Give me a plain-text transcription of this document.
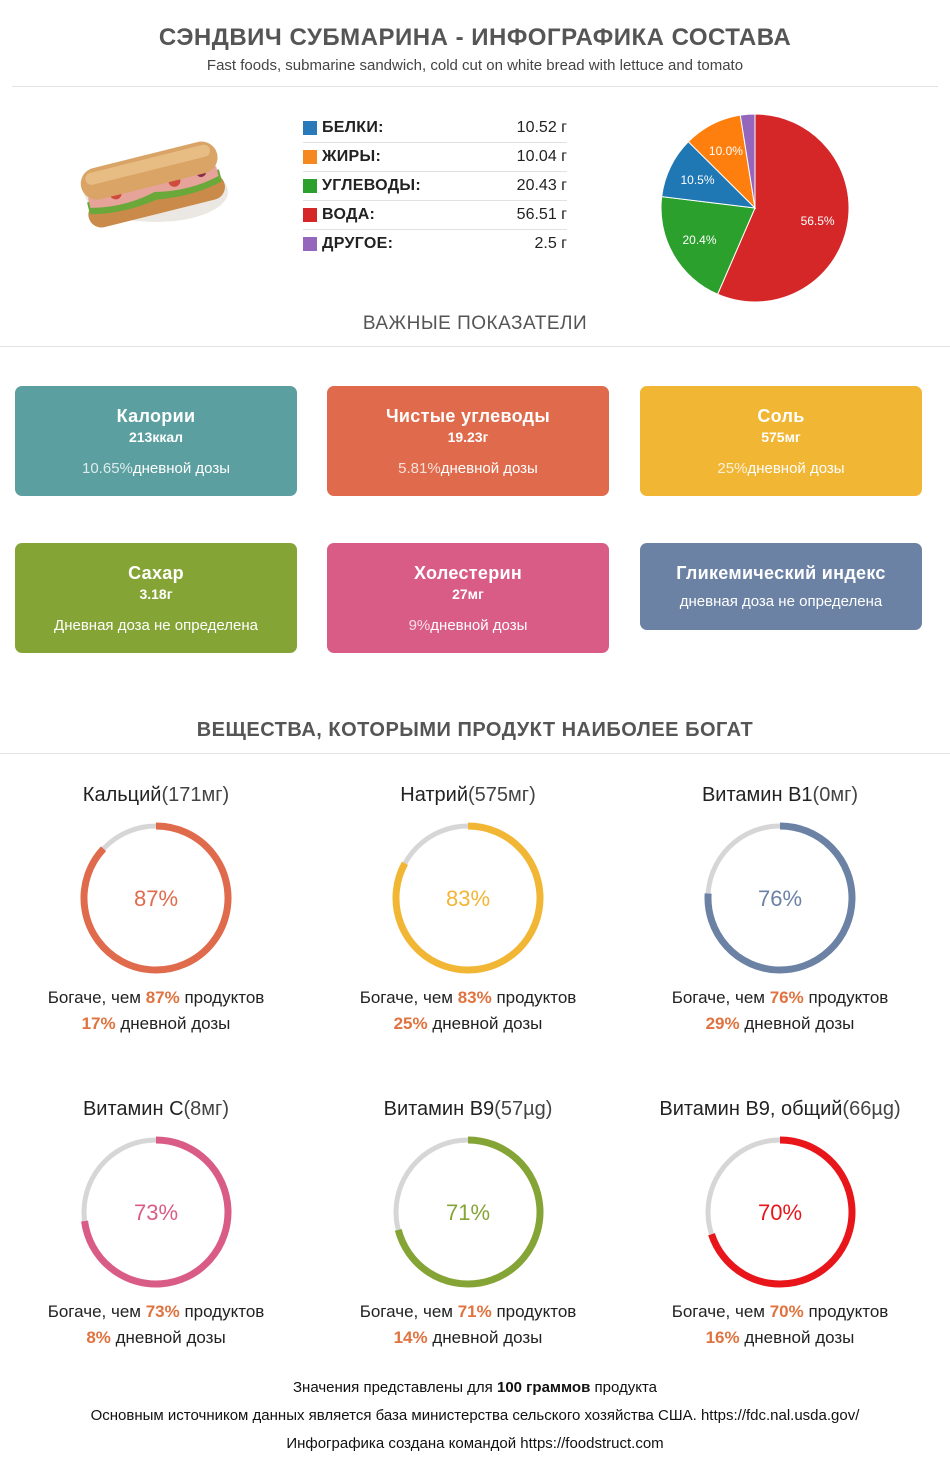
СЭНДВИЧ СУБМАРИНА - ИНФОГРАФИКА СОСТАВА
Fast foods, submarine sandwich, cold cut on white bread with lettuce and tomato
БЕЛКИ:	10.52 г
ЖИРЫ:	10.04 г
УГЛЕВОДЫ:	20.43 г
ВОДА:	56.51 г
ДРУГОЕ:	2.5 г
56.5%
20.4%
10.5%
10.0%
ВАЖНЫЕ ПОКАЗАТЕЛИ
Калории
213ккал
10.65%дневной дозы
Чистые углеводы
19.23г
5.81%дневной дозы
Соль
575мг
25%дневной дозы
Сахар
3.18г
Дневная доза не определена
Холестерин
27мг
9%дневной дозы
Гликемический индекс
дневная доза не определена
ВЕЩЕСТВА, КОТОРЫМИ ПРОДУКТ НАИБОЛЕЕ БОГАТ
Кальций(171мг)
87%
Богаче, чем 87% продуктов
17% дневной дозы
Натрий(575мг)
83%
Богаче, чем 83% продуктов
25% дневной дозы
Витамин B1(0мг)
76%
Богаче, чем 76% продуктов
29% дневной дозы
Витамин C(8мг)
73%
Богаче, чем 73% продуктов
8% дневной дозы
Витамин B9(57µg)
71%
Богаче, чем 71% продуктов
14% дневной дозы
Витамин B9, общий(66µg)
70%
Богаче, чем 70% продуктов
16% дневной дозы
Значения представлены для 100 граммов продукта
Основным источником данных является база министерства сельского хозяйства США. https://fdc.nal.usda.gov/
Инфографика создана командой https://foodstruct.com
